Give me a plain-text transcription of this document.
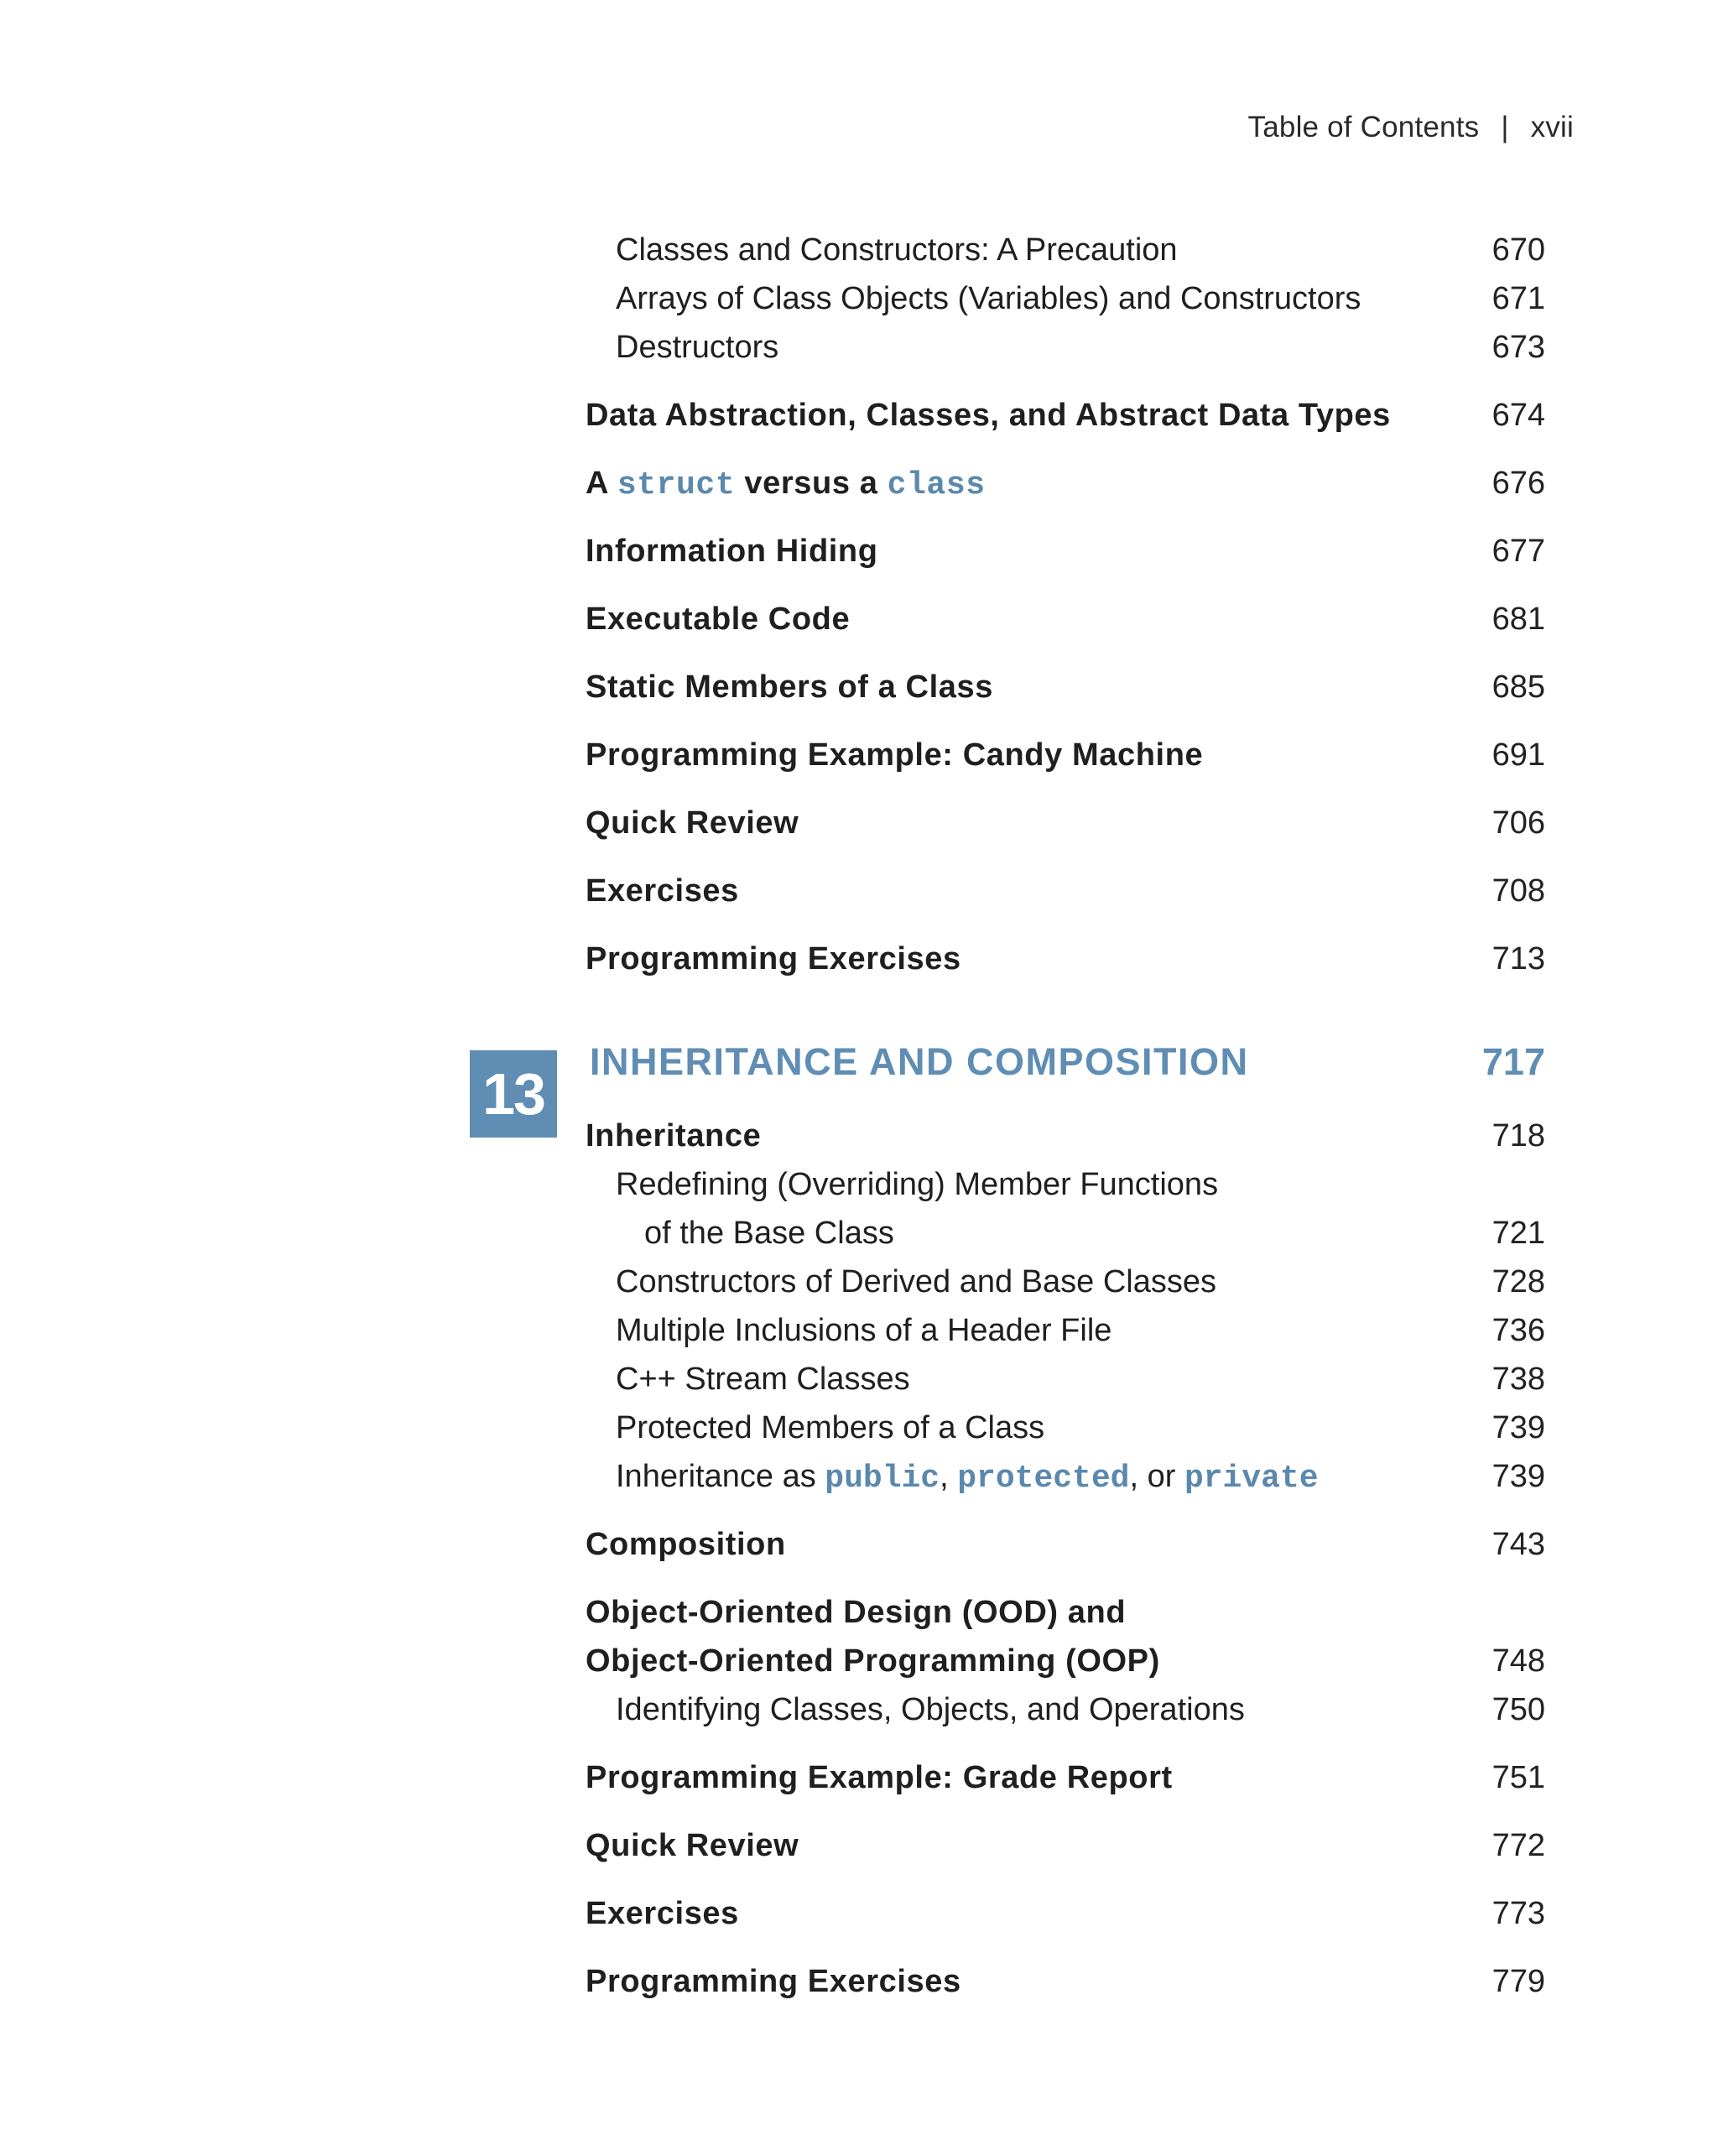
Table of Contents | xvii
Classes and Constructors: A Precaution	670
Arrays of Class Objects (Variables) and Constructors	671
Destructors	673
Data Abstraction, Classes, and Abstract Data Types	674
A struct versus a class	676
Information Hiding	677
Executable Code	681
Static Members of a Class	685
Programming Example: Candy Machine	691
Quick Review	706
Exercises	708
Programming Exercises	713
13	INHERITANCE AND COMPOSITION	717
Inheritance	718
Redefining (Overriding) Member Functions
of the Base Class	721
Constructors of Derived and Base Classes	728
Multiple Inclusions of a Header File	736
C++ Stream Classes	738
Protected Members of a Class	739
Inheritance as public, protected, or private	739
Composition	743
Object-Oriented Design (OOD) and
Object-Oriented Programming (OOP)	748
Identifying Classes, Objects, and Operations	750
Programming Example: Grade Report	751
Quick Review	772
Exercises	773
Programming Exercises	779
